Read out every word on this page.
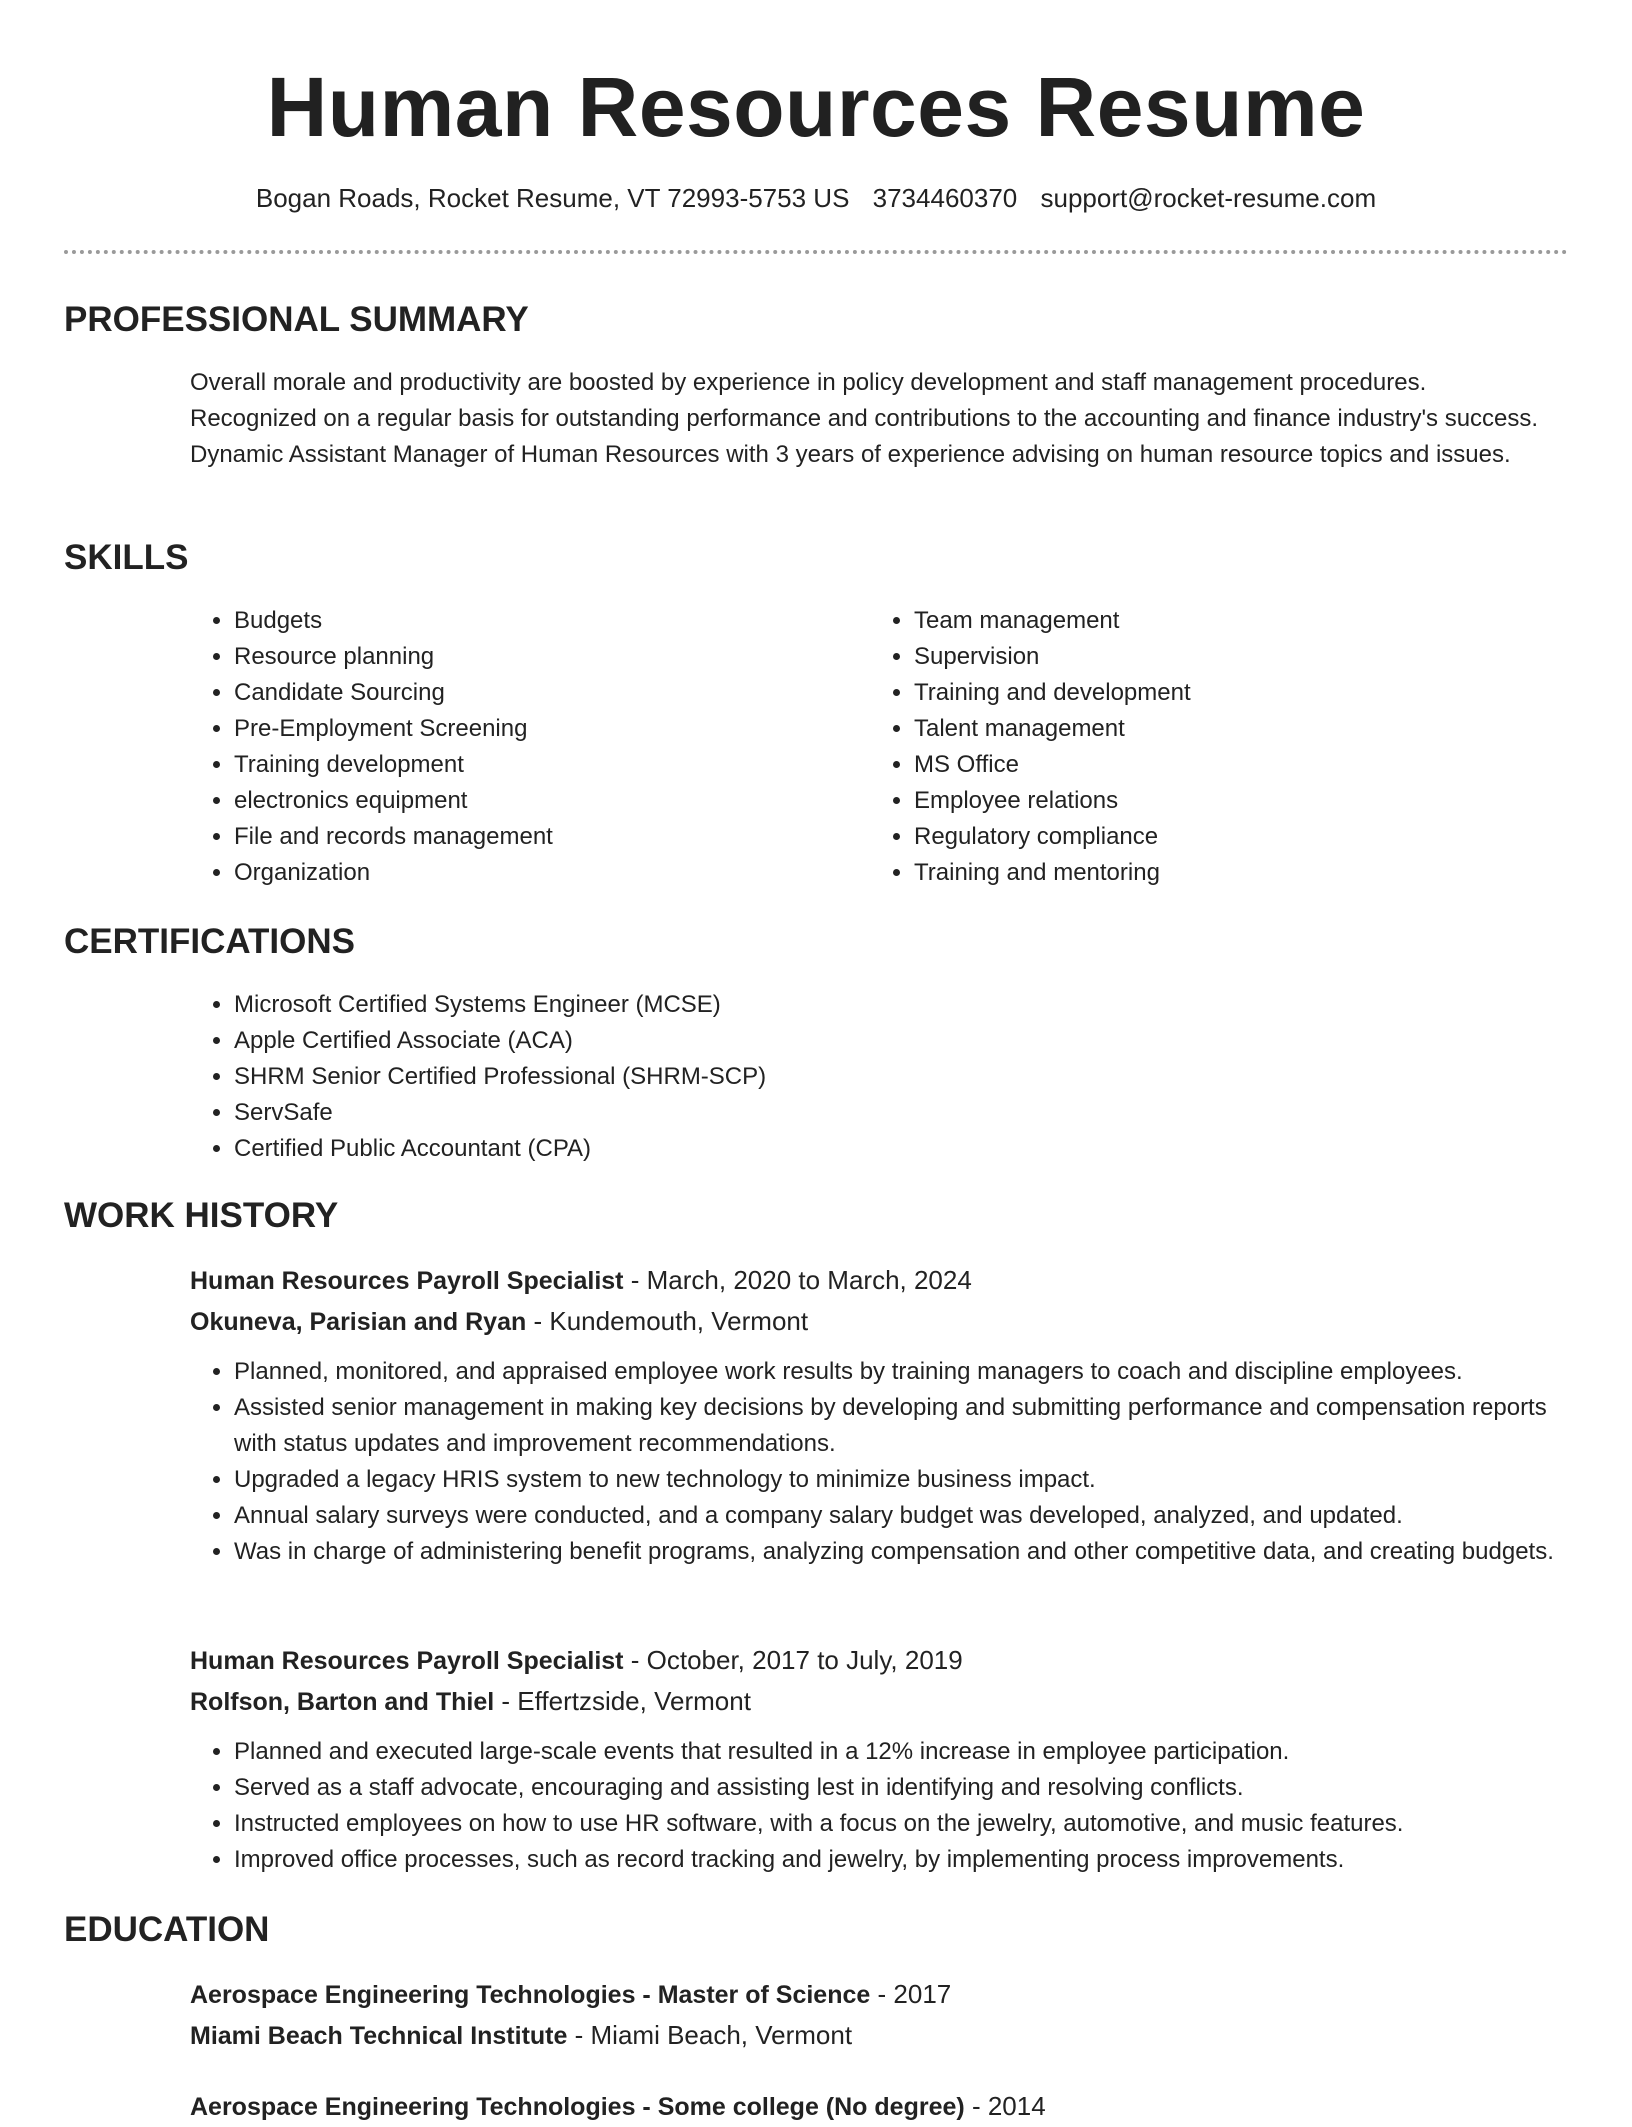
Human Resources Resume
Bogan Roads, Rocket Resume, VT 72993-5753 US 3734460370 support@rocket-resume.com
PROFESSIONAL SUMMARY

Overall morale and productivity are boosted by experience in policy development and staff management procedures. Recognized on a regular basis for outstanding performance and contributions to the accounting and finance industry's success. Dynamic Assistant Manager of Human Resources with 3 years of experience advising on human resource topics and issues.

SKILLS
• Budgets
• Resource planning
• Candidate Sourcing
• Pre-Employment Screening
• Training development
• electronics equipment
• File and records management
• Organization
• Team management
• Supervision
• Training and development
• Talent management
• MS Office
• Employee relations
• Regulatory compliance
• Training and mentoring
CERTIFICATIONS
• Microsoft Certified Systems Engineer (MCSE)
• Apple Certified Associate (ACA)
• SHRM Senior Certified Professional (SHRM-SCP)
• ServSafe
• Certified Public Accountant (CPA)
WORK HISTORY
Human Resources Payroll Specialist - March, 2020 to March, 2024
Okuneva, Parisian and Ryan - Kundemouth, Vermont
• Planned, monitored, and appraised employee work results by training managers to coach and discipline employees.
• Assisted senior management in making key decisions by developing and submitting performance and compensation reports with status updates and improvement recommendations.
• Upgraded a legacy HRIS system to new technology to minimize business impact.
• Annual salary surveys were conducted, and a company salary budget was developed, analyzed, and updated.
• Was in charge of administering benefit programs, analyzing compensation and other competitive data, and creating budgets.
Human Resources Payroll Specialist - October, 2017 to July, 2019
Rolfson, Barton and Thiel - Effertzside, Vermont
• Planned and executed large-scale events that resulted in a 12% increase in employee participation.
• Served as a staff advocate, encouraging and assisting lest in identifying and resolving conflicts.
• Instructed employees on how to use HR software, with a focus on the jewelry, automotive, and music features.
• Improved office processes, such as record tracking and jewelry, by implementing process improvements.
EDUCATION
Aerospace Engineering Technologies - Master of Science - 2017
Miami Beach Technical Institute - Miami Beach, Vermont
Aerospace Engineering Technologies - Some college (No degree) - 2014
